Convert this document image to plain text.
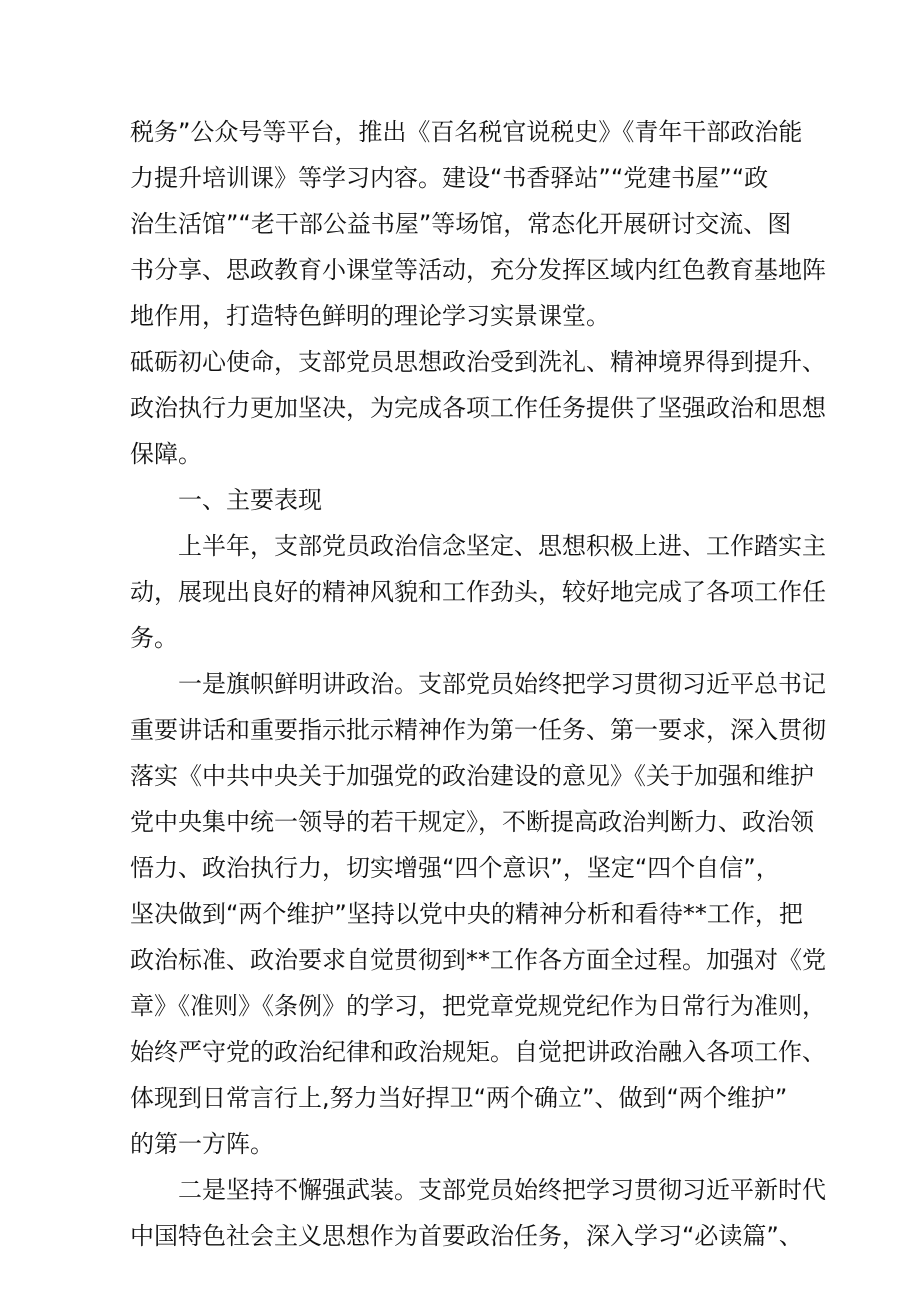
税务”公众号等平台，推出《百名税官说税史》《青年干部政治能
力提升培训课》等学习内容。建设“书香驿站”“党建书屋”“政
治生活馆”“老干部公益书屋”等场馆，常态化开展研讨交流、图
书分享、思政教育小课堂等活动，充分发挥区域内红色教育基地阵
地作用，打造特色鲜明的理论学习实景课堂。
砥砺初心使命，支部党员思想政治受到洗礼、精神境界得到提升、
政治执行力更加坚决，为完成各项工作任务提供了坚强政治和思想
保障。
一、主要表现
上半年，支部党员政治信念坚定、思想积极上进、工作踏实主
动，展现出良好的精神风貌和工作劲头，较好地完成了各项工作任
务。
一是旗帜鲜明讲政治。支部党员始终把学习贯彻习近平总书记
重要讲话和重要指示批示精神作为第一任务、第一要求，深入贯彻
落实《中共中央关于加强党的政治建设的意见》《关于加强和维护
党中央集中统一领导的若干规定》，不断提高政治判断力、政治领
悟力、政治执行力，切实增强“四个意识”，坚定“四个自信”，
坚决做到“两个维护”坚持以党中央的精神分析和看待**工作，把
政治标准、政治要求自觉贯彻到**工作各方面全过程。加强对《党
章》《准则》《条例》的学习，把党章党规党纪作为日常行为准则，
始终严守党的政治纪律和政治规矩。自觉把讲政治融入各项工作、
体现到日常言行上,努力当好捍卫“两个确立”、做到“两个维护”
的第一方阵。
二是坚持不懈强武装。支部党员始终把学习贯彻习近平新时代
中国特色社会主义思想作为首要政治任务，深入学习“必读篇”、
